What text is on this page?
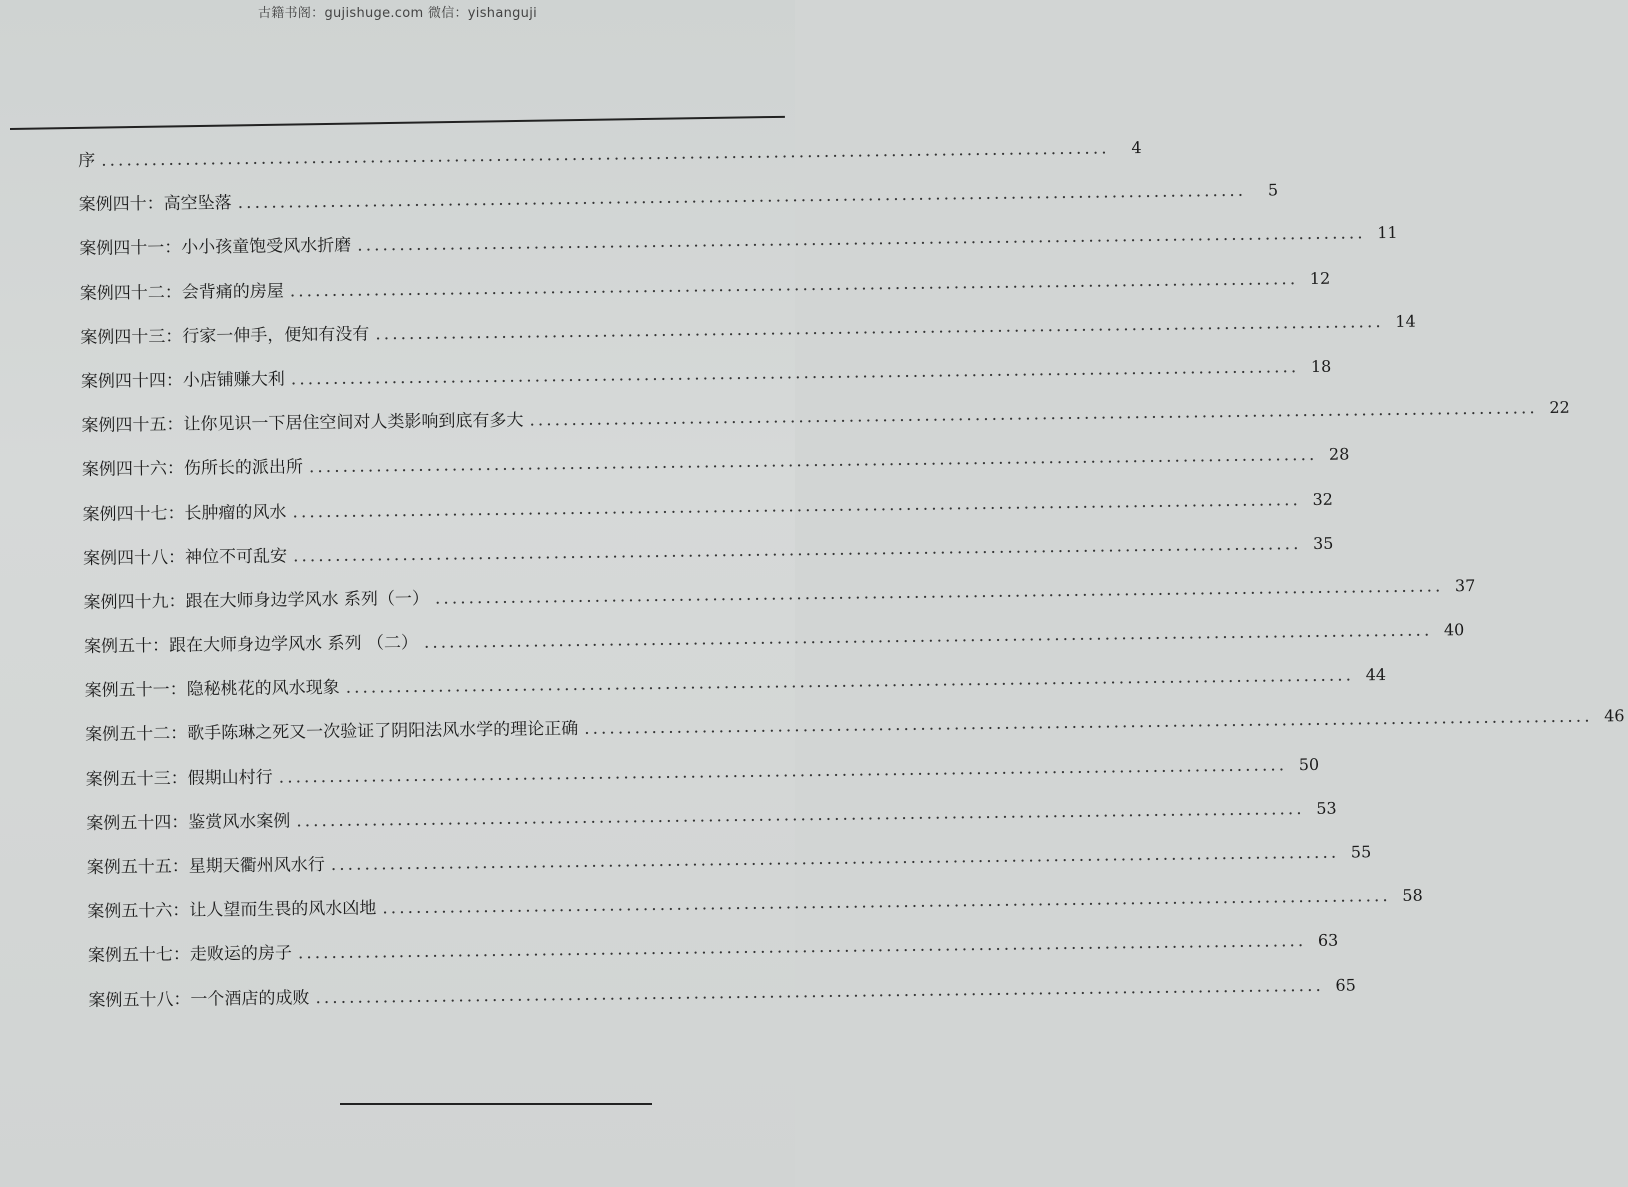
古籍书阁：gujishuge.com 微信：yishanguji
序 ........................................................................................................................	4
案例四十：高空坠落 ........................................................................................................................	5
案例四十一：小小孩童饱受风水折磨 ........................................................................................................................ 11
案例四十二：会背痛的房屋 ........................................................................................................................ 12
案例四十三：行家一伸手，便知有没有 ........................................................................................................................ 14
案例四十四：小店铺赚大利 ........................................................................................................................ 18
案例四十五：让你见识一下居住空间对人类影响到底有多大 ........................................................................................................................ 22
案例四十六：伤所长的派出所 ........................................................................................................................ 28
案例四十七：长肿瘤的风水 ........................................................................................................................ 32
案例四十八：神位不可乱安 ........................................................................................................................ 35
案例四十九：跟在大师身边学风水 系列（一） ........................................................................................................................ 37
案例五十：跟在大师身边学风水 系列 （二） ........................................................................................................................ 40
案例五十一：隐秘桃花的风水现象 ........................................................................................................................ 44
案例五十二：歌手陈琳之死又一次验证了阴阳法风水学的理论正确 ........................................................................................................................ 46
案例五十三：假期山村行 ........................................................................................................................ 50
案例五十四：鉴赏风水案例 ........................................................................................................................ 53
案例五十五：星期天衢州风水行 ........................................................................................................................ 55
案例五十六：让人望而生畏的风水凶地 ........................................................................................................................ 58
案例五十七：走败运的房子 ........................................................................................................................ 63
案例五十八：一个酒店的成败 ........................................................................................................................ 65
